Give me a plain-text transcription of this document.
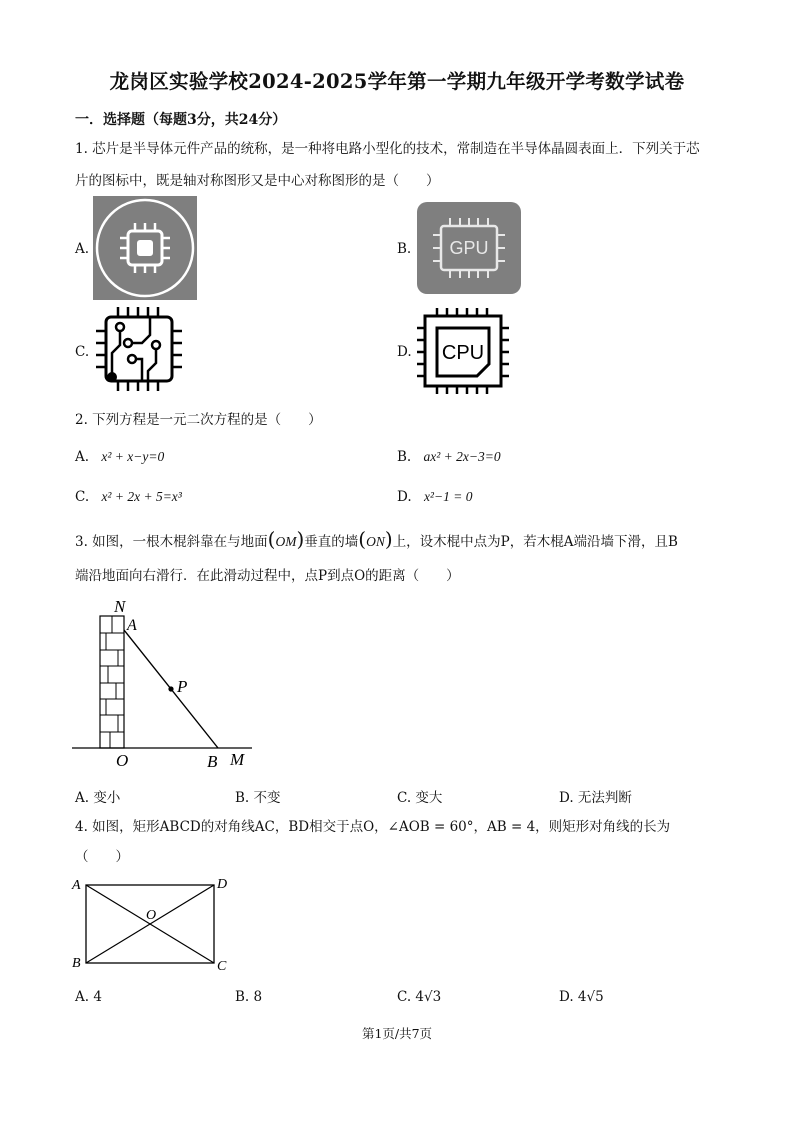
龙岗区实验学校2024-2025学年第一学期九年级开学考数学试卷
一．选择题（每题3分，共24分）
1. 芯片是半导体元件产品的统称，是一种将电路小型化的技术，常制造在半导体晶圆表面上．下列关于芯
片的图标中，既是轴对称图形又是中心对称图形的是（　　）
A.	B. GPU
C.	D. CPU
2. 下列方程是一元二次方程的是（　　）
A. x² + x−y=0	B. ax² + 2x−3=0
C. x² + 2x + 5=x³	D. x²−1 = 0
3. 如图，一根木棍斜靠在与地面(OM)垂直的墙(ON)上，设木棍中点为P，若木棍A端沿墙下滑，且B
端沿地面向右滑行．在此滑动过程中，点P到点O的距离（　　）
N
A
P
O	B M
A. 变小	B. 不变	C. 变大	D. 无法判断
4. 如图，矩形ABCD的对角线AC，BD相交于点O，∠AOB = 60°，AB = 4，则矩形对角线的长为
（　　）
A	D
O
B	C
A. 4	B. 8	C. 4√3	D. 4√5
第1页/共7页
